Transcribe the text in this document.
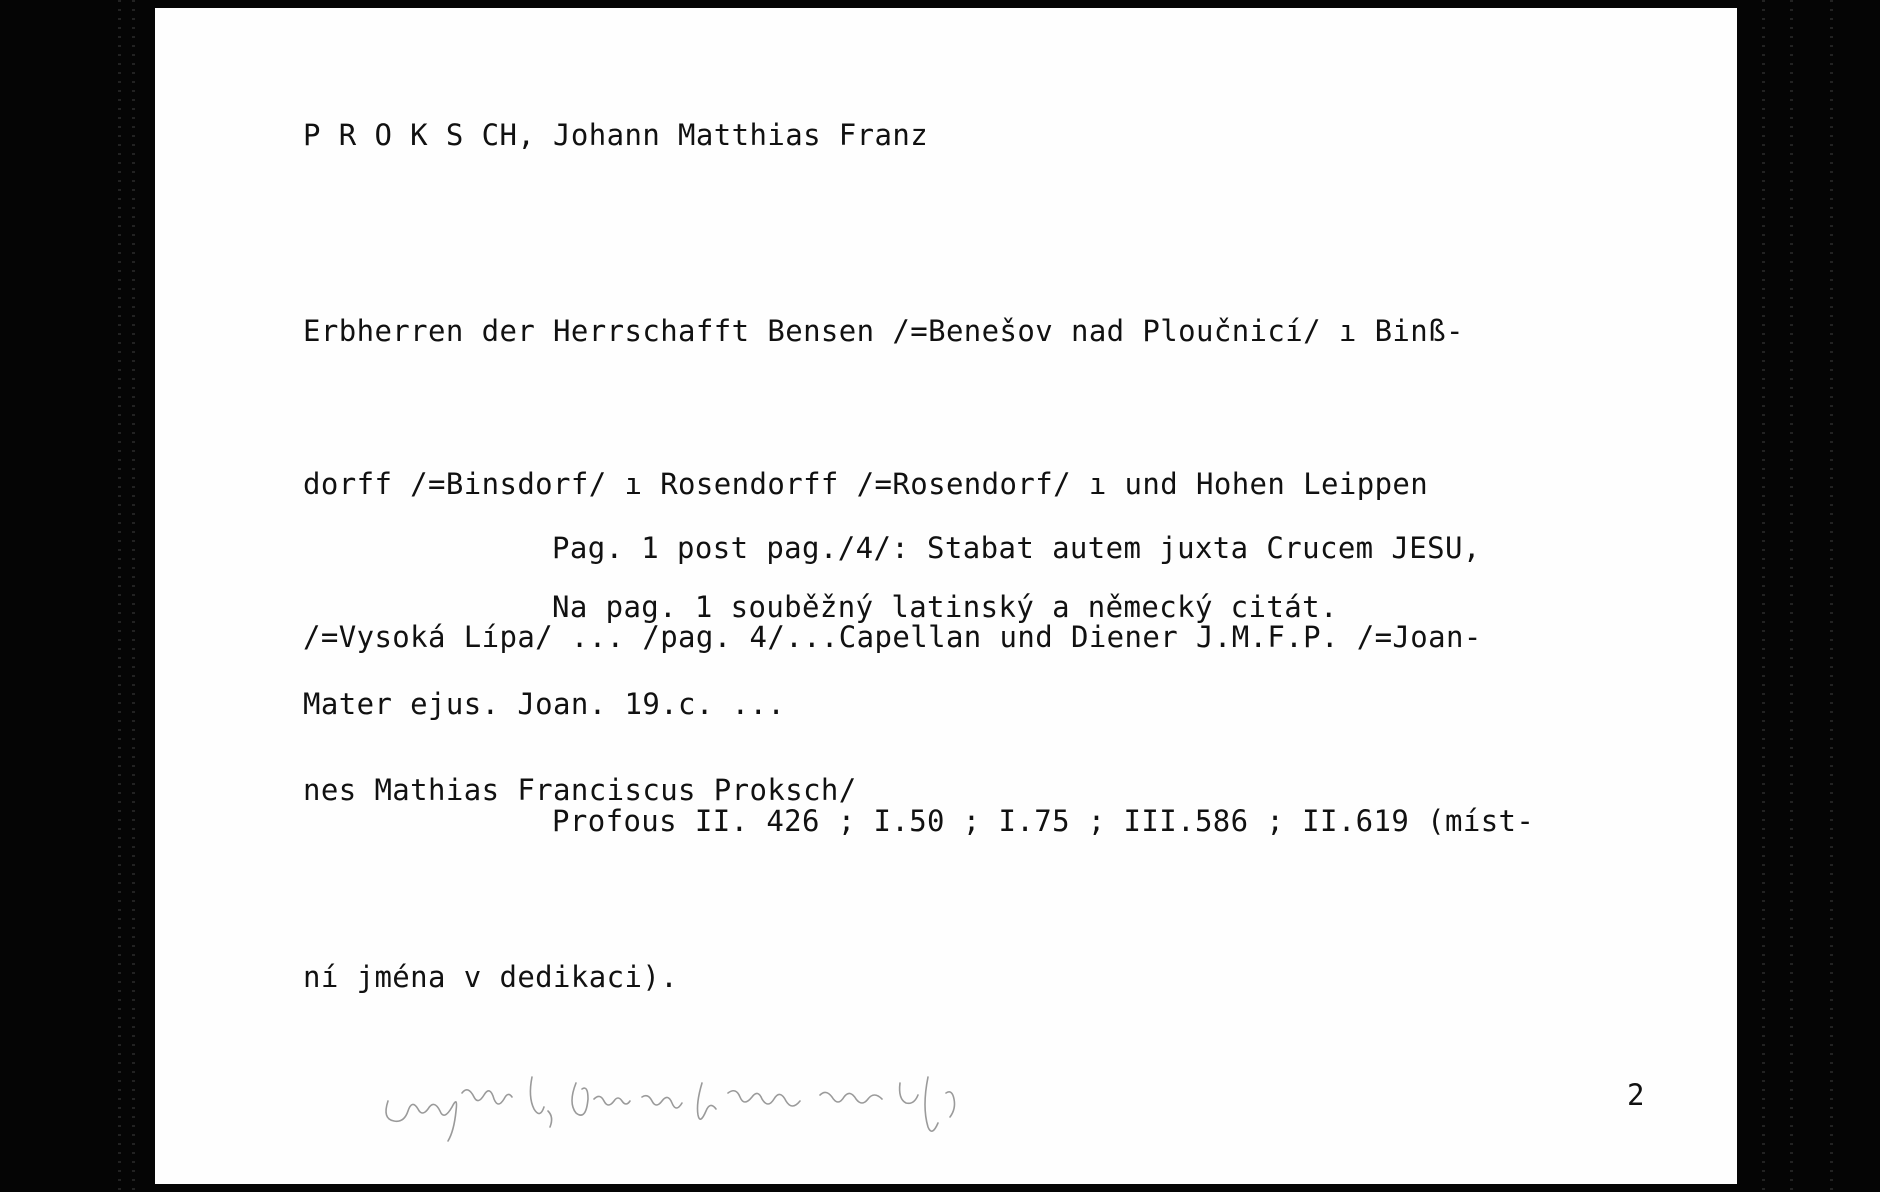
P R O K S CH, Johann Matthias Franz

Erbherren der Herrschafft Bensen /=Benešov nad Ploučnicí/ ı Binß-

dorff /=Binsdorf/ ı Rosendorff /=Rosendorf/ ı und Hohen Leippen

/=Vysoká Lípa/ ... /pag. 4/...Capellan und Diener J.M.F.P. /=Joan-

nes Mathias Franciscus Proksch/

Pag. 1 post pag./4/: Stabat autem juxta Crucem JESU,

Mater ejus. Joan. 19.c. ...

Na pag. 1 souběžný latinský a německý citát.

Profous II. 426 ; I.50 ; I.75 ; III.586 ; II.619 (míst-

ní jména v dedikaci).

2
